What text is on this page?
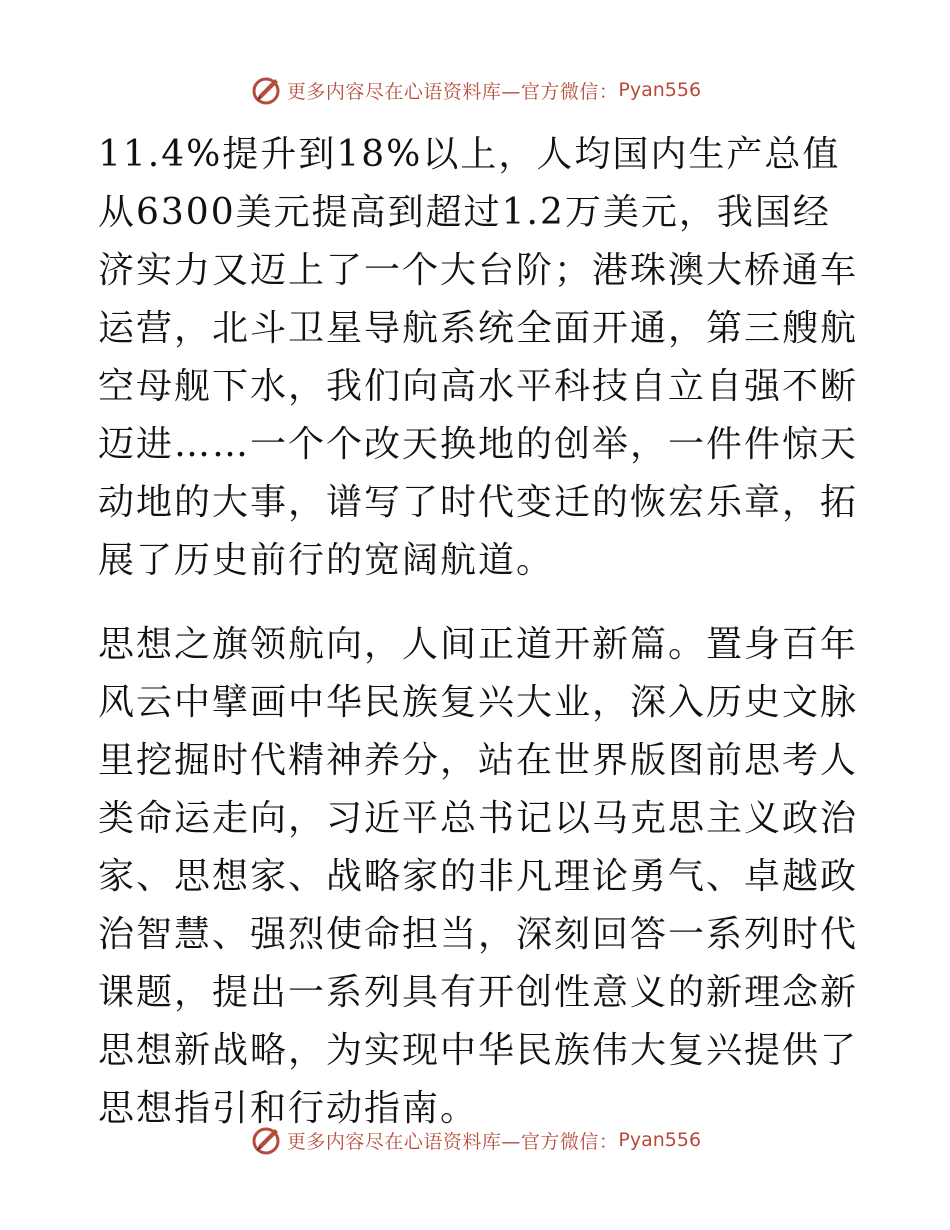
更多内容尽在心语资料库—官方微信： Pyan556

11.4%提升到18%以上，人均国内生产总值从6300美元提高到超过1.2万美元，我国经济实力又迈上了一个大台阶；港珠澳大桥通车运营，北斗卫星导航系统全面开通，第三艘航空母舰下水，我们向高水平科技自立自强不断迈进……一个个改天换地的创举，一件件惊天动地的大事，谱写了时代变迁的恢宏乐章，拓展了历史前行的宽阔航道。

思想之旗领航向，人间正道开新篇。置身百年风云中擘画中华民族复兴大业，深入历史文脉里挖掘时代精神养分，站在世界版图前思考人类命运走向，习近平总书记以马克思主义政治家、思想家、战略家的非凡理论勇气、卓越政治智慧、强烈使命担当，深刻回答一系列时代课题，提出一系列具有开创性意义的新理念新思想新战略，为实现中华民族伟大复兴提供了思想指引和行动指南。

更多内容尽在心语资料库—官方微信： Pyan556
